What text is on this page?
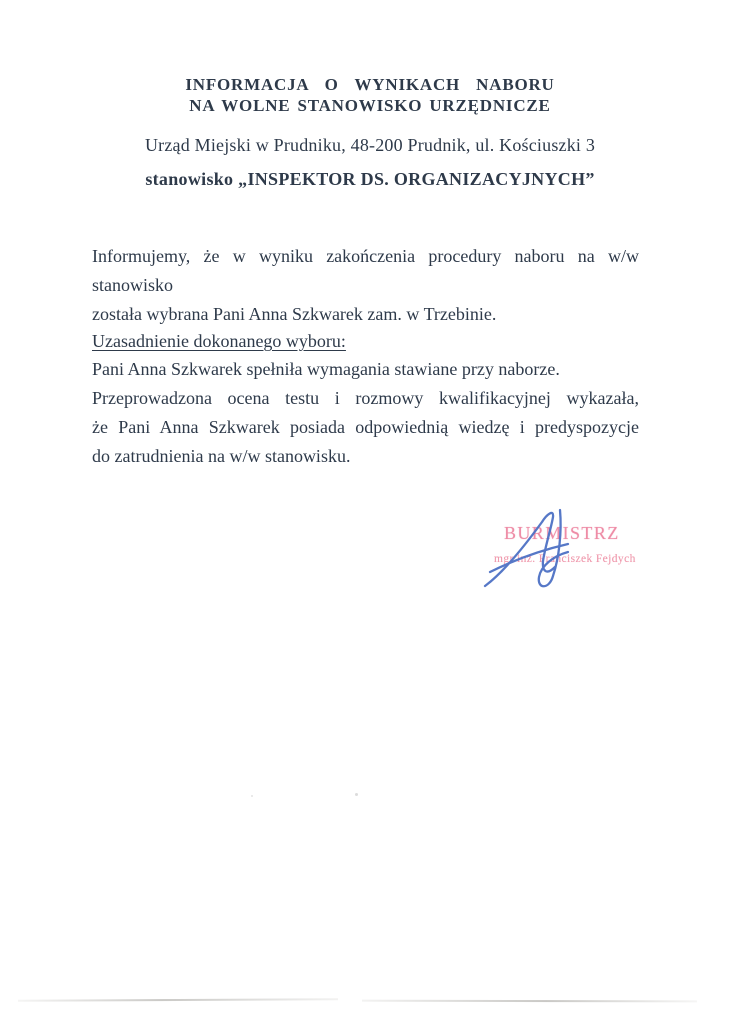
INFORMACJA  O  WYNIKACH  NABORU
NA WOLNE STANOWISKO URZĘDNICZE
Urząd Miejski w Prudniku, 48-200 Prudnik, ul. Kościuszki 3
stanowisko „INSPEKTOR DS. ORGANIZACYJNYCH”
Informujemy, że w wyniku zakończenia procedury naboru na w/w stanowisko
została wybrana Pani Anna Szkwarek zam. w Trzebinie.
Uzasadnienie dokonanego wyboru:
Pani Anna Szkwarek spełniła wymagania stawiane przy naborze.
Przeprowadzona ocena testu i rozmowy kwalifikacyjnej wykazała,
że Pani Anna Szkwarek posiada odpowiednią wiedzę i predyspozycje
do zatrudnienia na w/w stanowisku.
BURMISTRZ
mgr inż. Franciszek Fejdych
